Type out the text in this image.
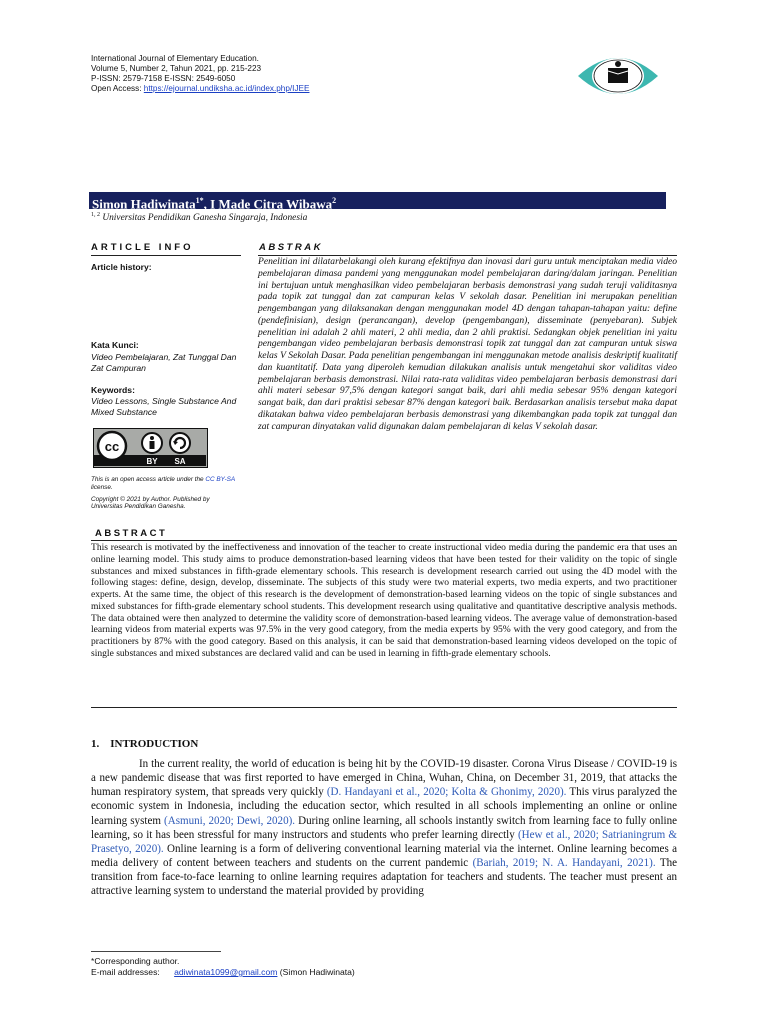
International Journal of Elementary Education.
Volume 5, Number 2, Tahun 2021, pp. 215-223
P-ISSN: 2579-7158 E-ISSN: 2549-6050
Open Access: https://ejournal.undiksha.ac.id/index.php/IJEE
Simon Hadiwinata$^{1*}$, I Made Citra Wibawa$^2$
$^{1, 2}$ Universitas Pendidikan Ganesha Singaraja, Indonesia
ARTICLE INFO	ABSTRAK
Article history:
Kata Kunci:
Video Pembelajaran, Zat Tunggal Dan Zat Campuran
Keywords:
Video Lessons, Single Substance And Mixed Substance
cc
BY SA
This is an open access article under the CC BY-SA license.
Copyright © 2021 by Author. Published by Universitas Pendidikan Ganesha.
Penelitian ini dilatarbelakangi oleh kurang efektifnya dan inovasi dari guru untuk menciptakan media video pembelajaran dimasa pandemi yang menggunakan model pembelajaran daring/dalam jaringan. Penelitian ini bertujuan untuk menghasilkan video pembelajaran berbasis demonstrasi yang sudah teruji validitasnya pada topik zat tunggal dan zat campuran kelas V sekolah dasar. Penelitian ini merupakan penelitian pengembangan yang dilaksanakan dengan menggunakan model 4D dengan tahapan-tahapan yaitu: define (pendefinisian), design (perancangan), develop (pengembangan), disseminate (penyebaran). Subjek penelitian ini adalah 2 ahli materi, 2 ahli media, dan 2 ahli praktisi. Sedangkan objek penelitian ini yaitu pengembangan video pembelajaran berbasis demonstrasi topik zat tunggal dan zat campuran untuk siswa kelas V Sekolah Dasar. Pada penelitian pengembangan ini menggunakan metode analisis deskriptif kualitatif dan kuantitatif. Data yang diperoleh kemudian dilakukan analisis untuk mengetahui skor validitas video pembelajaran berbasis demonstrasi. Nilai rata-rata validitas video pembelajaran berbasis demonstrasi dari ahli materi sebesar 97,5% dengan kategori sangat baik, dari ahli media sebesar 95% dengan kategori sangat baik, dan dari praktisi sebesar 87% dengan kategori baik. Berdasarkan analisis tersebut maka dapat dikatakan bahwa video pembelajaran berbasis demonstrasi yang dikembangkan pada topik zat tunggal dan zat campuran dinyatakan valid digunakan dalam pembelajaran di kelas V sekolah dasar.
ABSTRACT
This research is motivated by the ineffectiveness and innovation of the teacher to create instructional video media during the pandemic era that uses an online learning model. This study aims to produce demonstration-based learning videos that have been tested for their validity on the topic of single substances and mixed substances in fifth-grade elementary schools. This research is development research carried out using the 4D model with the following stages: define, design, develop, disseminate. The subjects of this study were two material experts, two media experts, and two practitioner experts. At the same time, the object of this research is the development of demonstration-based learning videos on the topic of single substances and mixed substances for fifth-grade elementary school students. This development research using qualitative and quantitative descriptive analysis methods. The data obtained were then analyzed to determine the validity score of demonstration-based learning videos. The average value of demonstration-based learning videos from material experts was 97.5% in the very good category, from the media experts by 95% with the very good category, and from the practitioners by 87% with the good category. Based on this analysis, it can be said that demonstration-based learning videos developed on the topic of single substances and mixed substances are declared valid and can be used in learning in fifth-grade elementary schools.
1.    INTRODUCTION
In the current reality, the world of education is being hit by the COVID-19 disaster. Corona Virus Disease / COVID-19 is a new pandemic disease that was first reported to have emerged in China, Wuhan, China, on December 31, 2019, that attacks the human respiratory system, that spreads very quickly (D. Handayani et al., 2020; Kolta & Ghonimy, 2020). This virus paralyzed the economic system in Indonesia, including the education sector, which resulted in all schools implementing an online or online learning system (Asmuni, 2020; Dewi, 2020). During online learning, all schools instantly switch from learning face to fully online learning, so it has been stressful for many instructors and students who prefer learning directly (Hew et al., 2020; Satrianingrum & Prasetyo, 2020). Online learning is a form of delivering conventional learning material via the internet. Online learning becomes a media delivery of content between teachers and students on the current pandemic (Bariah, 2019; N. A. Handayani, 2021). The transition from face-to-face learning to online learning requires adaptation for teachers and students. The teacher must present an attractive learning system to understand the material provided by providing
*Corresponding author.
E-mail addresses: adiwinata1099@gmail.com (Simon Hadiwinata)
